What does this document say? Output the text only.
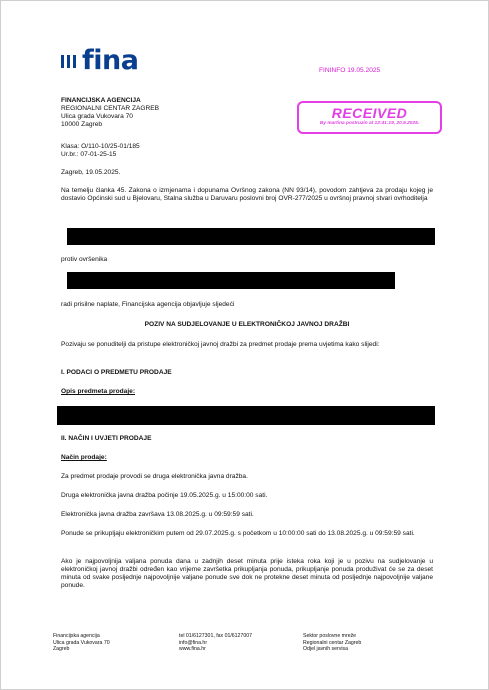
fina	FININFO 19.05.2025
RECEIVED
By martina postruzin at 12:41:19, 20.5.2025.
FINANCIJSKA AGENCIJA
REGIONALNI CENTAR ZAGREB
Ulica grada Vukovara 70
10000 Zagreb
Klasa: O/110-10/25-01/185
Ur.br.: 07-01-25-15
Zagreb, 19.05.2025.
Na temelju članka 45. Zakona o izmjenama i dopunama Ovršnog zakona (NN 93/14), povodom zahtjeva za prodaju kojeg je dostavio Općinski sud u Bjelovaru, Stalna služba u Daruvaru poslovni broj OVR-277/2025 u ovršnoj pravnoj stvari ovrhoditelja
protiv ovršenika
radi prisilne naplate, Financijska agencija objavljuje sljedeći
POZIV NA SUDJELOVANJE U ELEKTRONIČKOJ JAVNOJ DRAŽBI
Pozivaju se ponuditelji da pristupe elektroničkoj javnoj dražbi za predmet prodaje prema uvjetima kako slijedi:
I. PODACI O PREDMETU PRODAJE
Opis predmeta prodaje:
II. NAČIN I UVJETI PRODAJE
Način prodaje:
Za predmet prodaje provodi se druga elektronička javna dražba.
Druga elektronička javna dražba počinje 19.05.2025.g. u 15:00:00 sati.
Elektronička javna dražba završava 13.08.2025.g. u 09:59:59 sati.
Ponude se prikupljaju elektroničkim putem od 29.07.2025.g. s početkom u 10:00:00 sati do 13.08.2025.g. u 09:59:59 sati.
Ako je najpovoljnija valjana ponuda dana u zadnjih deset minuta prije isteka roka koji je u pozivu na sudjelovanje u elektroničkoj javnoj dražbi određen kao vrijeme završetka prikupljanja ponuda, prikupljanje ponuda produživat će se za deset minuta od svake posljednje najpovoljnije valjane ponude sve dok ne protekne deset minuta od posljednje najpovoljnije valjane ponude.
Financijska agencija
Ulica grada Vukovara 70
Zagreb
tel 01/6127301, fax 01/6127007
info@fina.hr
www.fina.hr
Sektor poslovne mreže
Regionalni centar Zagreb
Odjel javnih servisa
